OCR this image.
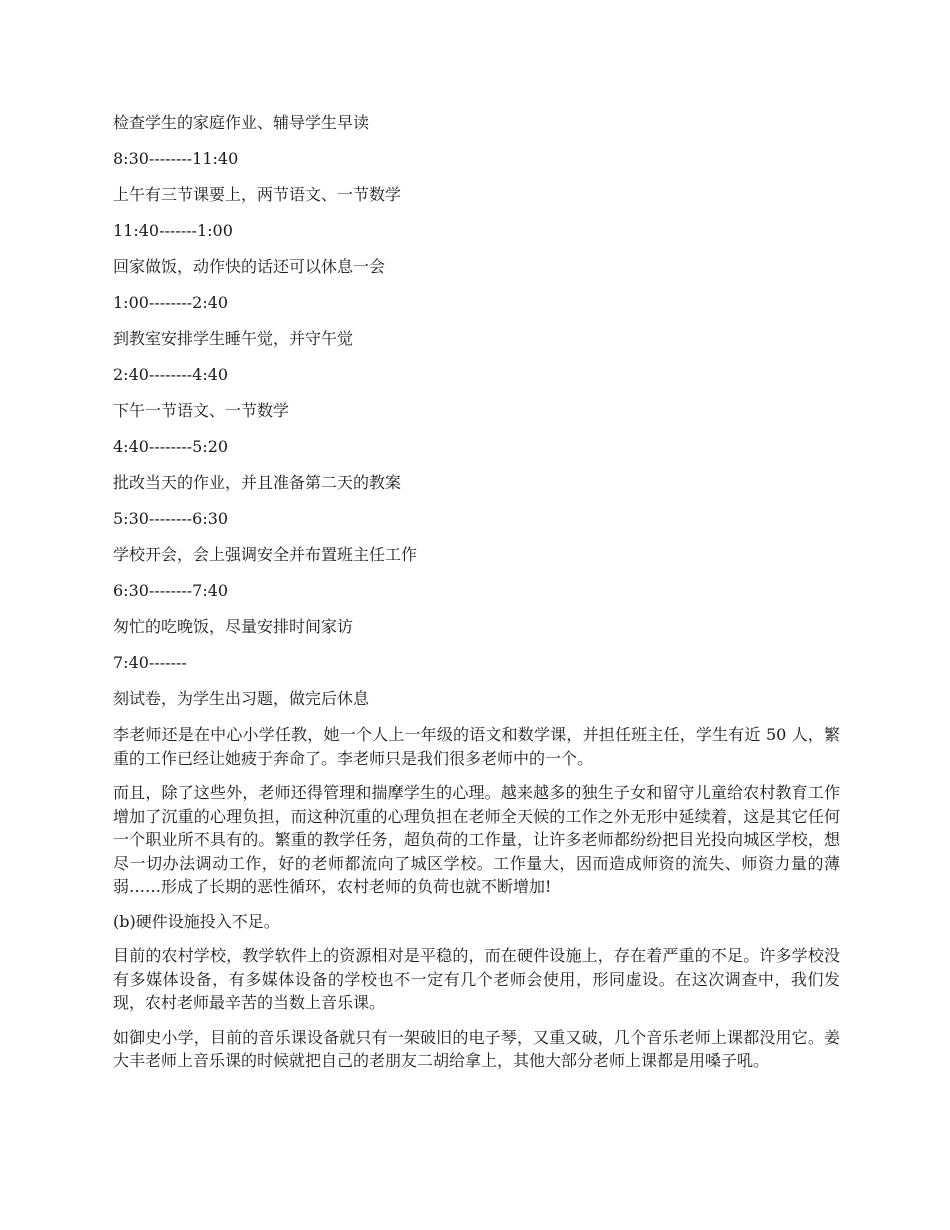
检查学生的家庭作业、辅导学生早读
8:30--------11:40
上午有三节课要上，两节语文、一节数学
11:40-------1:00
回家做饭，动作快的话还可以休息一会
1:00--------2:40
到教室安排学生睡午觉，并守午觉
2:40--------4:40
下午一节语文、一节数学
4:40--------5:20
批改当天的作业，并且准备第二天的教案
5:30--------6:30
学校开会，会上强调安全并布置班主任工作
6:30--------7:40
匆忙的吃晚饭，尽量安排时间家访
7:40-------
刻试卷，为学生出习题，做完后休息

李老师还是在中心小学任教，她一个人上一年级的语文和数学课，并担任班主任，学生有近 50 人，繁重的工作已经让她疲于奔命了。李老师只是我们很多老师中的一个。

而且，除了这些外，老师还得管理和揣摩学生的心理。越来越多的独生子女和留守儿童给农村教育工作增加了沉重的心理负担，而这种沉重的心理负担在老师全天候的工作之外无形中延续着，这是其它任何一个职业所不具有的。繁重的教学任务，超负荷的工作量，让许多老师都纷纷把目光投向城区学校，想尽一切办法调动工作，好的老师都流向了城区学校。工作量大，因而造成师资的流失、师资力量的薄弱……形成了长期的恶性循环，农村老师的负荷也就不断增加!

(b)硬件设施投入不足。

目前的农村学校，教学软件上的资源相对是平稳的，而在硬件设施上，存在着严重的不足。许多学校没有多媒体设备，有多媒体设备的学校也不一定有几个老师会使用，形同虚设。在这次调查中，我们发现，农村老师最辛苦的当数上音乐课。

如御史小学，目前的音乐课设备就只有一架破旧的电子琴，又重又破，几个音乐老师上课都没用它。姜大丰老师上音乐课的时候就把自己的老朋友二胡给拿上，其他大部分老师上课都是用嗓子吼。
